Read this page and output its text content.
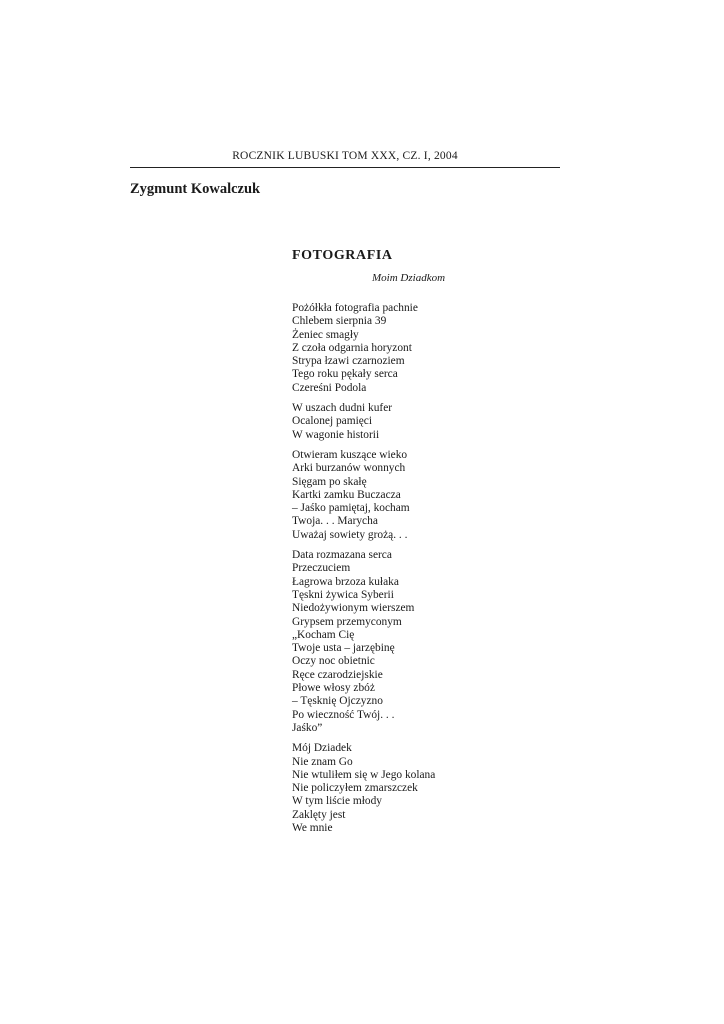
ROCZNIK LUBUSKI TOM XXX, CZ. I, 2004
Zygmunt Kowalczuk
FOTOGRAFIA
Moim Dziadkom
Pożółkła fotografia pachnie
Chlebem sierpnia 39
Żeniec smagły
Z czoła odgarnia horyzont
Strypa łzawi czarnoziem
Tego roku pękały serca
Czereśni Podola
W uszach dudni kufer
Ocalonej pamięci
W wagonie historii
Otwieram kuszące wieko
Arki burzanów wonnych
Sięgam po skałę
Kartki zamku Buczacza
– Jaśko pamiętaj, kocham
Twoja. . . Marycha
Uważaj sowiety grożą. . .
Data rozmazana serca
Przeczuciem
Łagrowa brzoza kułaka
Tęskni żywica Syberii
Niedożywionym wierszem
Grypsem przemyconym
„Kocham Cię
Twoje usta – jarzębinę
Oczy noc obietnic
Ręce czarodziejskie
Płowe włosy zbóż
– Tęsknię Ojczyzno
Po wieczność Twój. . .
Jaśko”
Mój Dziadek
Nie znam Go
Nie wtuliłem się w Jego kolana
Nie policzyłem zmarszczek
W tym liście młody
Zaklęty jest
We mnie
